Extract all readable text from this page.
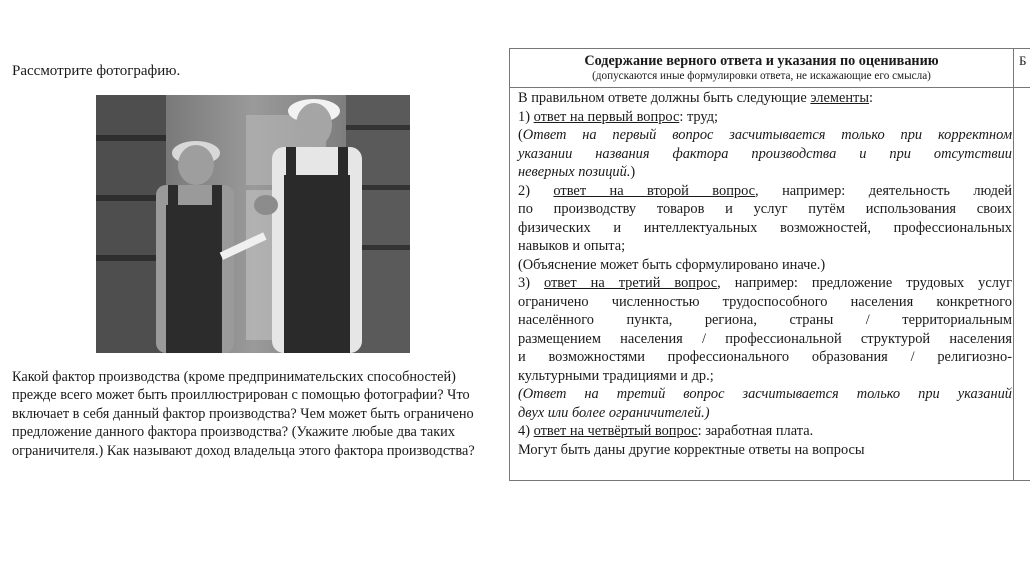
Рассмотрите фотографию.
Какой фактор производства (кроме предпринимательских способностей)
прежде всего может быть проиллюстрирован с помощью фотографии? Что
включает в себя данный фактор производства? Чем может быть ограничено
предложение данного фактора производства? (Укажите любые два таких
ограничителя.) Как называют доход владельца этого фактора производства?
Содержание верного ответа и указания по оцениванию
(допускаются иные формулировки ответа, не искажающие его смысла)
Б
В правильном ответе должны быть следующие элементы:
1) ответ на первый вопрос: труд;
(Ответ на первый вопрос засчитывается только при корректном
указании названия фактора производства и при отсутствии
неверных позиций.)
2) ответ на второй вопрос, например: деятельность людей
по производству товаров и услуг путём использования своих
физических и интеллектуальных возможностей, профессиональных
навыков и опыта;
(Объяснение может быть сформулировано иначе.)
3) ответ на третий вопрос, например: предложение трудовых услуг
ограничено численностью трудоспособного населения конкретного
населённого пункта, региона, страны / территориальным
размещением населения / профессиональной структурой населения
и возможностями профессионального образования / религиозно-
культурными традициями и др.;
(Ответ на третий вопрос засчитывается только при указаний
двух или более ограничителей.)
4) ответ на четвёртый вопрос: заработная плата.
Могут быть даны другие корректные ответы на вопросы
